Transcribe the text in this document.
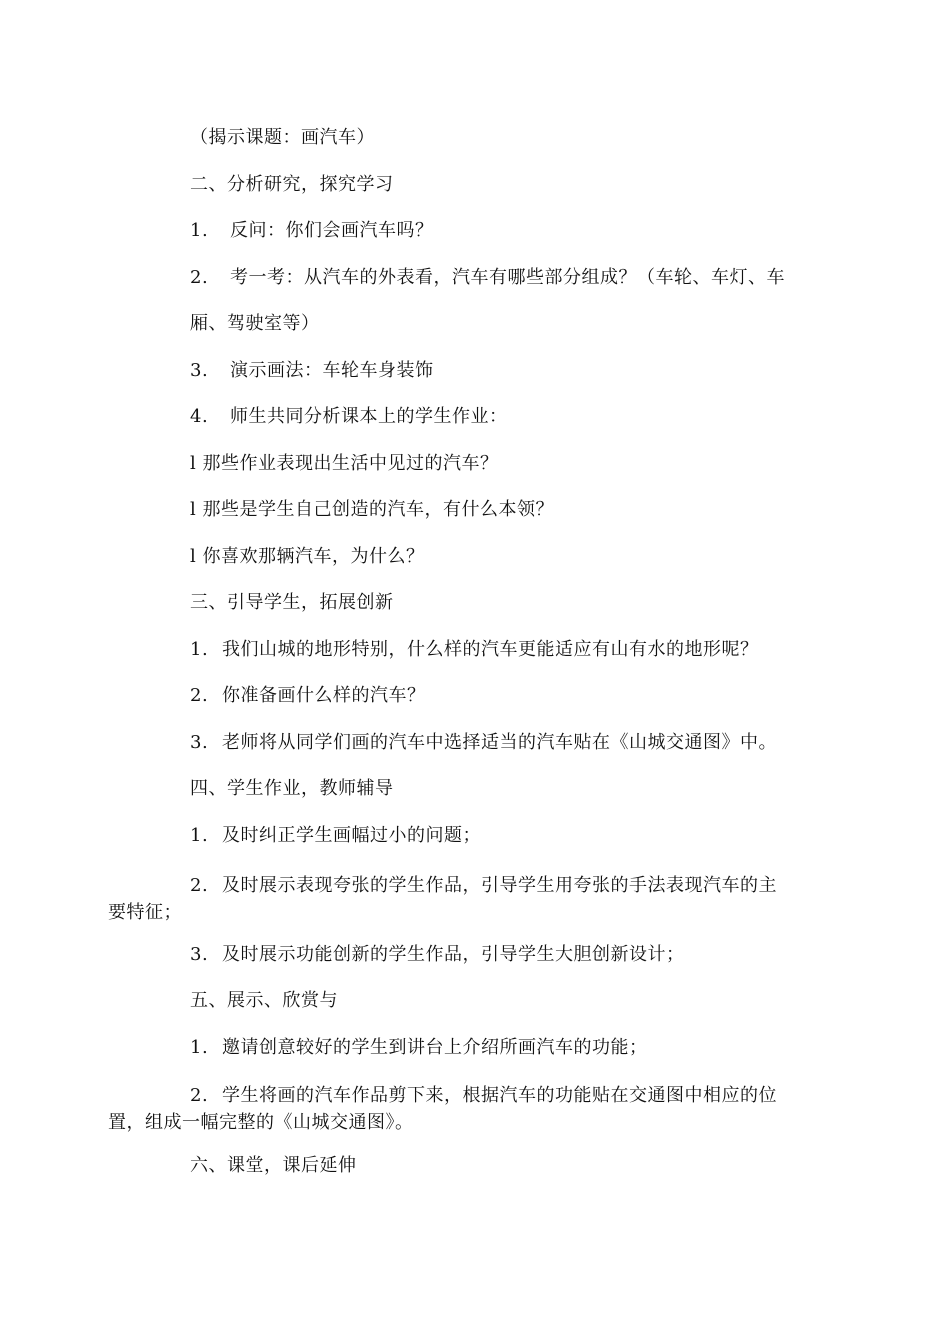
（揭示课题：画汽车）
二、分析研究，探究学习
1. 反问：你们会画汽车吗？
2. 考一考：从汽车的外表看，汽车有哪些部分组成？（车轮、车灯、车
厢、驾驶室等）
3. 演示画法：车轮车身装饰
4. 师生共同分析课本上的学生作业：
l 那些作业表现出生活中见过的汽车？
l 那些是学生自己创造的汽车，有什么本领？
l 你喜欢那辆汽车，为什么？
三、引导学生，拓展创新
1. 我们山城的地形特别，什么样的汽车更能适应有山有水的地形呢？
2. 你准备画什么样的汽车？
3. 老师将从同学们画的汽车中选择适当的汽车贴在《山城交通图》中。
四、学生作业，教师辅导
1. 及时纠正学生画幅过小的问题；
2. 及时展示表现夸张的学生作品，引导学生用夸张的手法表现汽车的主
要特征；
3. 及时展示功能创新的学生作品，引导学生大胆创新设计；
五、展示、欣赏与
1. 邀请创意较好的学生到讲台上介绍所画汽车的功能；
2. 学生将画的汽车作品剪下来，根据汽车的功能贴在交通图中相应的位
置，组成一幅完整的《山城交通图》。
六、课堂，课后延伸
